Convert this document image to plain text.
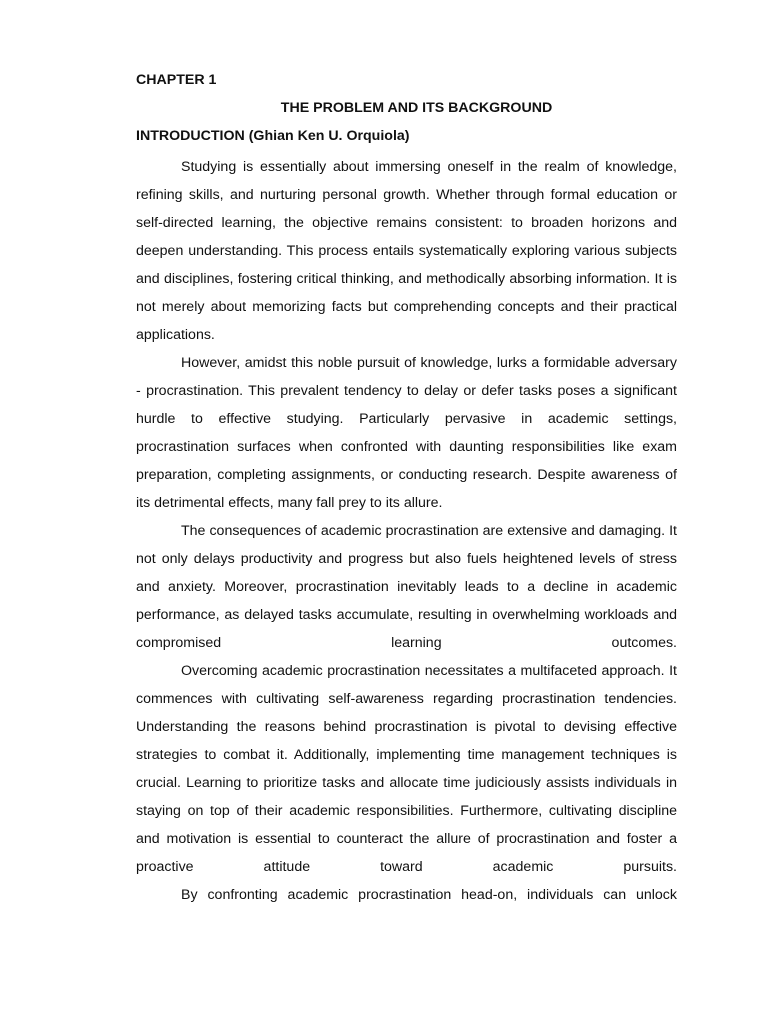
CHAPTER 1
THE PROBLEM AND ITS BACKGROUND
INTRODUCTION (Ghian Ken U. Orquiola)

Studying is essentially about immersing oneself in the realm of knowledge, refining skills, and nurturing personal growth. Whether through formal education or self-directed learning, the objective remains consistent: to broaden horizons and deepen understanding. This process entails systematically exploring various subjects and disciplines, fostering critical thinking, and methodically absorbing information. It is not merely about memorizing facts but comprehending concepts and their practical applications.

However, amidst this noble pursuit of knowledge, lurks a formidable adversary - procrastination. This prevalent tendency to delay or defer tasks poses a significant hurdle to effective studying. Particularly pervasive in academic settings, procrastination surfaces when confronted with daunting responsibilities like exam preparation, completing assignments, or conducting research. Despite awareness of its detrimental effects, many fall prey to its allure.

The consequences of academic procrastination are extensive and damaging. It not only delays productivity and progress but also fuels heightened levels of stress and anxiety. Moreover, procrastination inevitably leads to a decline in academic performance, as delayed tasks accumulate, resulting in overwhelming workloads and compromised learning outcomes.

Overcoming academic procrastination necessitates a multifaceted approach. It commences with cultivating self-awareness regarding procrastination tendencies. Understanding the reasons behind procrastination is pivotal to devising effective strategies to combat it. Additionally, implementing time management techniques is crucial. Learning to prioritize tasks and allocate time judiciously assists individuals in staying on top of their academic responsibilities. Furthermore, cultivating discipline and motivation is essential to counteract the allure of procrastination and foster a proactive attitude toward academic pursuits.

By confronting academic procrastination head-on, individuals can unlock
